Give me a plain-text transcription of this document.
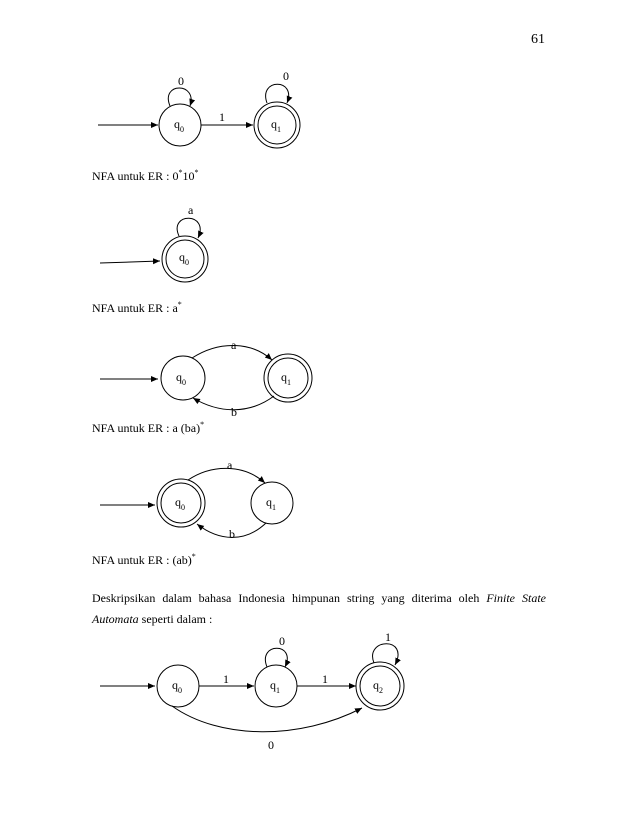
61
$q_0$
0
1	$q_1$
0
$q_0$
a
$q_0$	$q_1$
a
b
$q_0$	$q_1$
a
b
$q_0$
1	$q_1$
0
1	$q_2$
1
0
NFA untuk ER : 0*10*
NFA untuk ER : a*
NFA untuk ER : a (ba)*
NFA untuk ER : (ab)*
Deskripsikan dalam bahasa Indonesia himpunan string yang diterima oleh Finite State
Automata seperti dalam :
